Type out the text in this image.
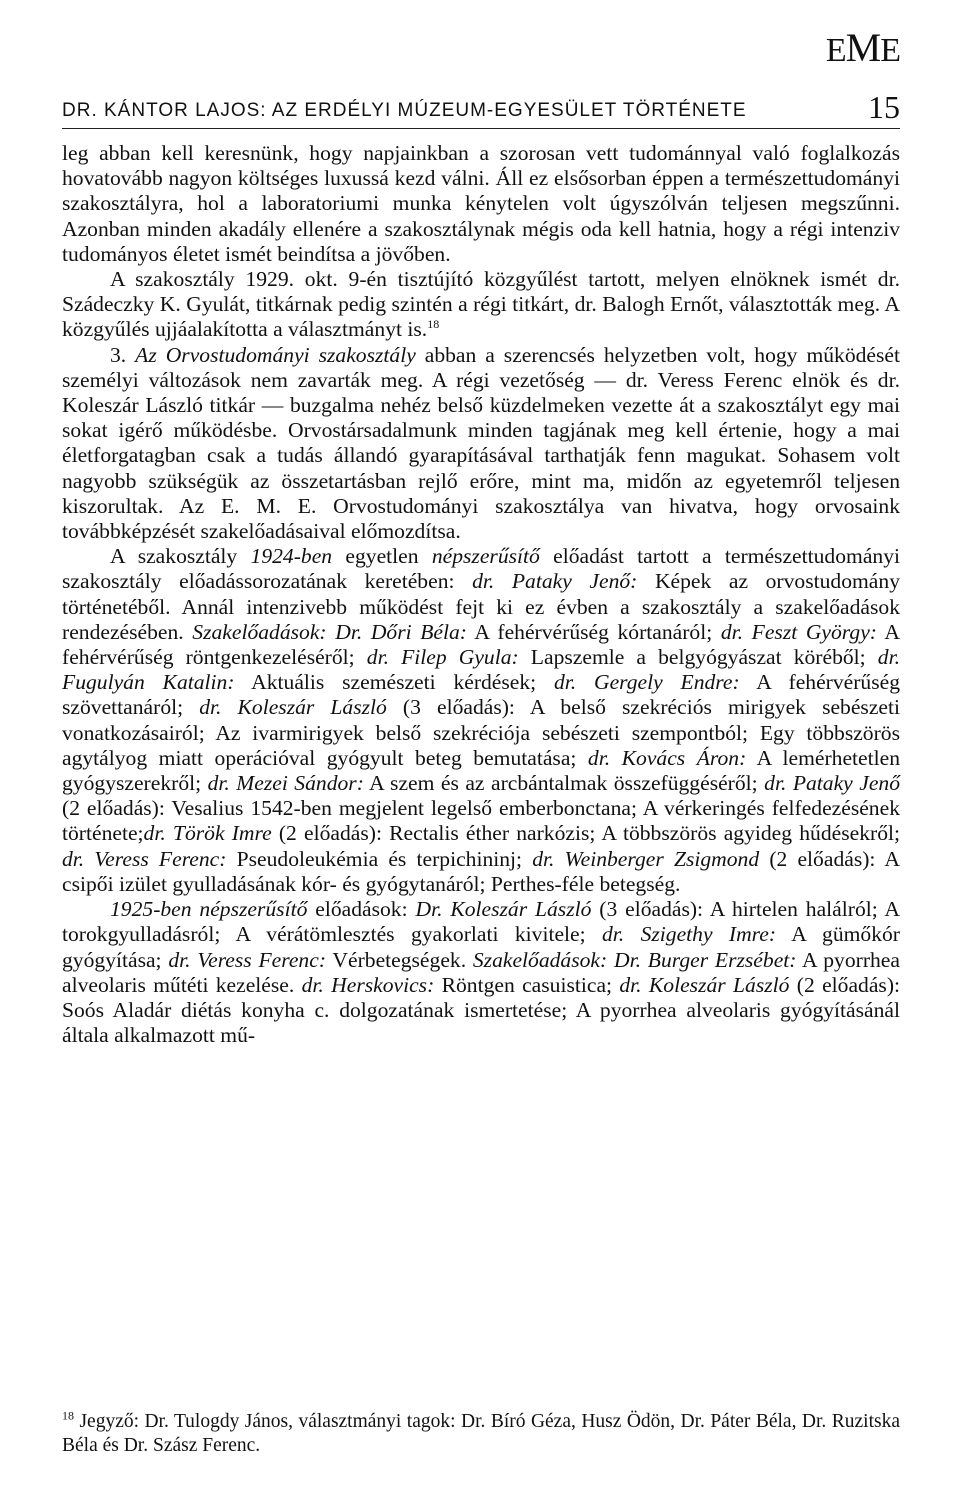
EME
DR. KÁNTOR LAJOS: AZ ERDÉLYI MÚZEUM-EGYESÜLET TÖRTÉNETE	15

leg abban kell keresnünk, hogy napjainkban a szorosan vett tudománnyal való foglalkozás hovatovább nagyon költséges luxussá kezd válni. Áll ez elsősorban éppen a természettudományi szakosztályra, hol a laboratoriumi munka kénytelen volt úgyszólván teljesen megszűnni. Azonban minden akadály ellenére a szakosztálynak mégis oda kell hatnia, hogy a régi intenziv tudományos életet ismét beindítsa a jövőben.

A szakosztály 1929. okt. 9-én tisztújító közgyűlést tartott, melyen elnöknek ismét dr. Szádeczky K. Gyulát, titkárnak pedig szintén a régi titkárt, dr. Balogh Ernőt, választották meg. A közgyűlés ujjáalakította a választmányt is.$^{18}$

3. Az Orvostudományi szakosztály abban a szerencsés helyzetben volt, hogy működését személyi változások nem zavarták meg. A régi vezetőség — dr. Veress Ferenc elnök és dr. Koleszár László titkár — buzgalma nehéz belső küzdelmeken vezette át a szakosztályt egy mai sokat igérő működésbe. Orvostársadalmunk minden tagjának meg kell értenie, hogy a mai életforgatagban csak a tudás állandó gyarapításával tarthatják fenn magukat. Sohasem volt nagyobb szükségük az összetartásban rejlő erőre, mint ma, midőn az egyetemről teljesen kiszorultak. Az E. M. E. Orvostudományi szakosztálya van hivatva, hogy orvosaink továbbképzését szakelőadásaival előmozdítsa.

A szakosztály 1924-ben egyetlen népszerűsítő előadást tartott a természettudományi szakosztály előadássorozatának keretében: dr. Pataky Jenő: Képek az orvostudomány történetéből. Annál intenzivebb működést fejt ki ez évben a szakosztály a szakelőadások rendezésében. Szakelőadások: Dr. Dőri Béla: A fehérvérűség kórtanáról; dr. Feszt György: A fehérvérűség röntgenkezeléséről; dr. Filep Gyula: Lapszemle a belgyógyászat köréből; dr. Fugulyán Katalin: Aktuális szemészeti kérdések; dr. Gergely Endre: A fehérvérűség szövettanáról; dr. Koleszár László (3 előadás): A belső szekréciós mirigyek sebészeti vonatkozásairól; Az ivarmirigyek belső szekréciója sebészeti szempontból; Egy többszörös agytályog miatt operációval gyógyult beteg bemutatása; dr. Kovács Áron: A lemérhetetlen gyógyszerekről; dr. Mezei Sándor: A szem és az arcbántalmak összefüggéséről; dr. Pataky Jenő (2 előadás): Vesalius 1542-ben megjelent legelső emberbonctana; A vérkeringés felfedezésének története;dr. Török Imre (2 előadás): Rectalis éther narkózis; A többszörös agyideg hűdésekről; dr. Veress Ferenc: Pseudoleukémia és terpichininj; dr. Weinberger Zsigmond (2 előadás): A csipői izület gyulladásának kór- és gyógytanáról; Perthes-féle betegség.

1925-ben népszerűsítő előadások: Dr. Koleszár László (3 előadás): A hirtelen halálról; A torokgyulladásról; A vérátömlesztés gyakorlati kivitele; dr. Szigethy Imre: A gümőkór gyógyítása; dr. Veress Ferenc: Vérbetegségek. Szakelőadások: Dr. Burger Erzsébet: A pyorrhea alveolaris műtéti kezelése. dr. Herskovics: Röntgen casuistica; dr. Koleszár László (2 előadás): Soós Aladár diétás konyha c. dolgozatának ismertetése; A pyorrhea alveolaris gyógyításánál általa alkalmazott mű-

$^{18}$ Jegyző: Dr. Tulogdy János, választmányi tagok: Dr. Bíró Géza, Husz Ödön, Dr. Páter Béla, Dr. Ruzitska Béla és Dr. Szász Ferenc.
